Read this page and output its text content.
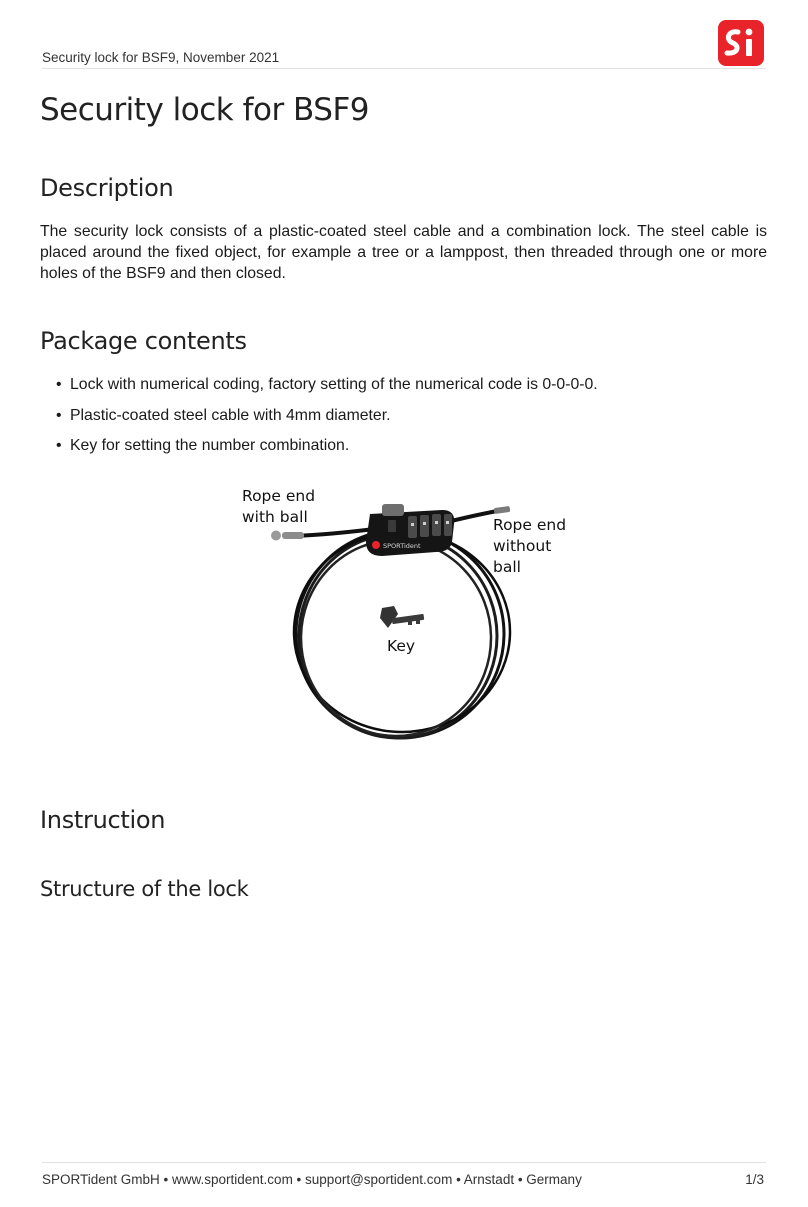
Security lock for BSF9, November 2021
Security lock for BSF9
Description
The security lock consists of a plastic-coated steel cable and a combination lock. The steel cable is placed around the fixed object, for example a tree or a lamppost, then threaded through one or more holes of the BSF9 and then closed.
Package contents
• Lock with numerical coding, factory setting of the numerical code is 0-0-0-0.
• Plastic-coated steel cable with 4mm diameter.
• Key for setting the number combination.
SPORTident
Rope end
with ball	Rope end
without
ball
Key
Instruction
Structure of the lock
SPORTident GmbH • www.sportident.com • support@sportident.com • Arnstadt • Germany	1/3
